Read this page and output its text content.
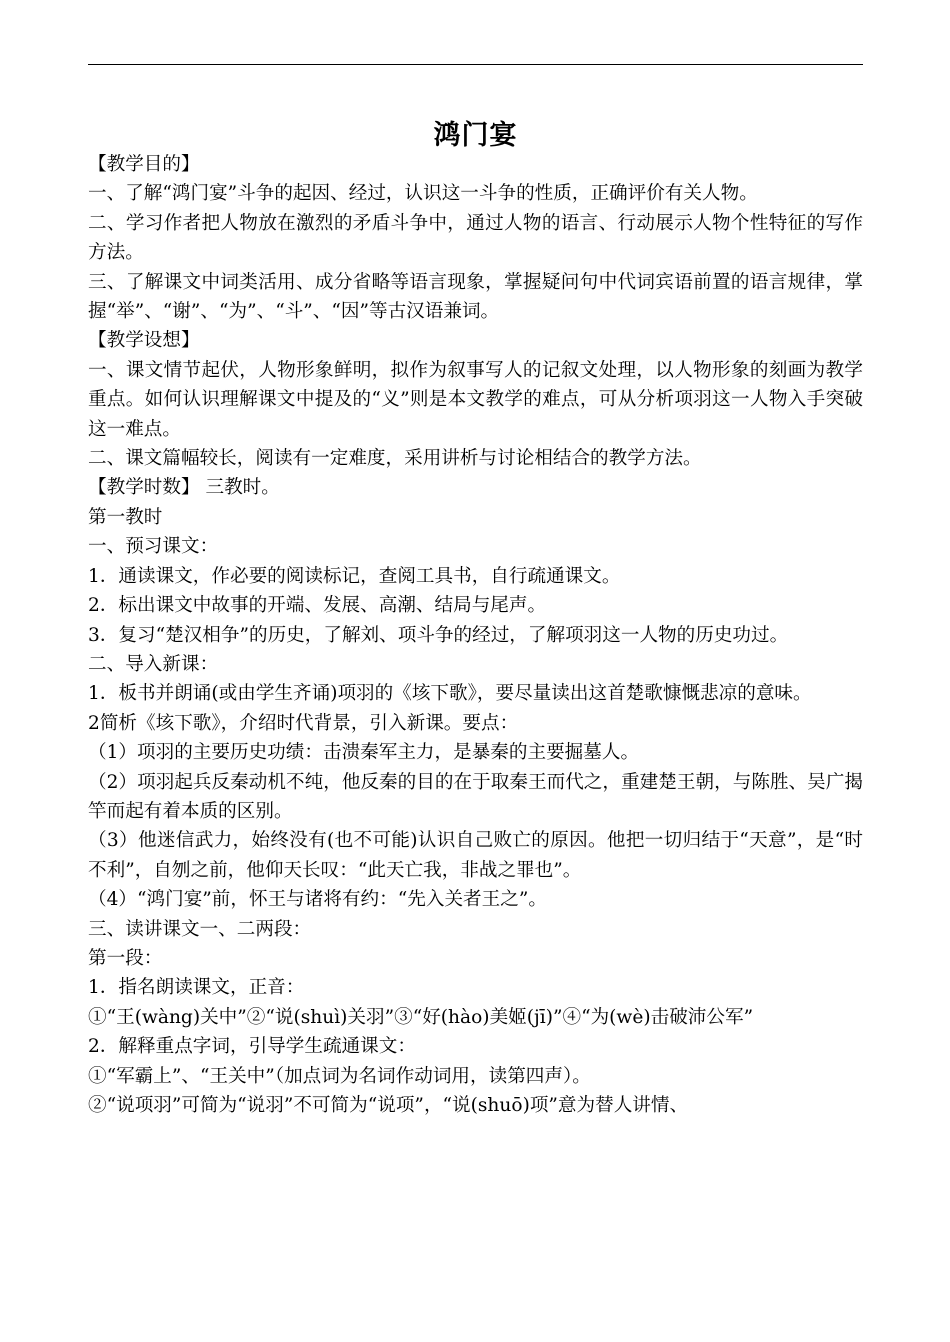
鸿门宴

【教学目的】

一、了解“鸿门宴”斗争的起因、经过，认识这一斗争的性质，正确评价有关人物。

二、学习作者把人物放在激烈的矛盾斗争中，通过人物的语言、行动展示人物个性特征的写作方法。

三、了解课文中词类活用、成分省略等语言现象，掌握疑问句中代词宾语前置的语言规律，掌握“举”、“谢”、“为”、“斗”、“因”等古汉语兼词。

【教学设想】

一、课文情节起伏，人物形象鲜明，拟作为叙事写人的记叙文处理，以人物形象的刻画为教学重点。如何认识理解课文中提及的“义”则是本文教学的难点，可从分析项羽这一人物入手突破这一难点。

二、课文篇幅较长，阅读有一定难度，采用讲析与讨论相结合的教学方法。

【教学时数】 三教时。

第一教时

一、预习课文：

1．通读课文，作必要的阅读标记，查阅工具书，自行疏通课文。

2．标出课文中故事的开端、发展、高潮、结局与尾声。

3．复习“楚汉相争”的历史，了解刘、项斗争的经过，了解项羽这一人物的历史功过。

二、导入新课：

1．板书并朗诵(或由学生齐诵)项羽的《垓下歌》，要尽量读出这首楚歌慷慨悲凉的意味。

2简析《垓下歌》，介绍时代背景，引入新课。要点：

（1）项羽的主要历史功绩：击溃秦军主力，是暴秦的主要掘墓人。

（2）项羽起兵反秦动机不纯，他反秦的目的在于取秦王而代之，重建楚王朝，与陈胜、吴广揭竿而起有着本质的区别。

（3）他迷信武力，始终没有(也不可能)认识自己败亡的原因。他把一切归结于“天意”，是“时不利”，自刎之前，他仰天长叹：“此天亡我，非战之罪也”。

（4）“鸿门宴”前，怀王与诸将有约：“先入关者王之”。

三、读讲课文一、二两段：

第一段：

1．指名朗读课文，正音：

①“王(wàng)关中”②“说(shuì)关羽”③“好(hào)美姬(jī)”④“为(wè)击破沛公军”

2．解释重点字词，引导学生疏通课文：

①“军霸上”、“王关中”（加点词为名词作动词用，读第四声）。

②“说项羽”可简为“说羽”不可简为“说项”，“说(shuō)项”意为替人讲情、
